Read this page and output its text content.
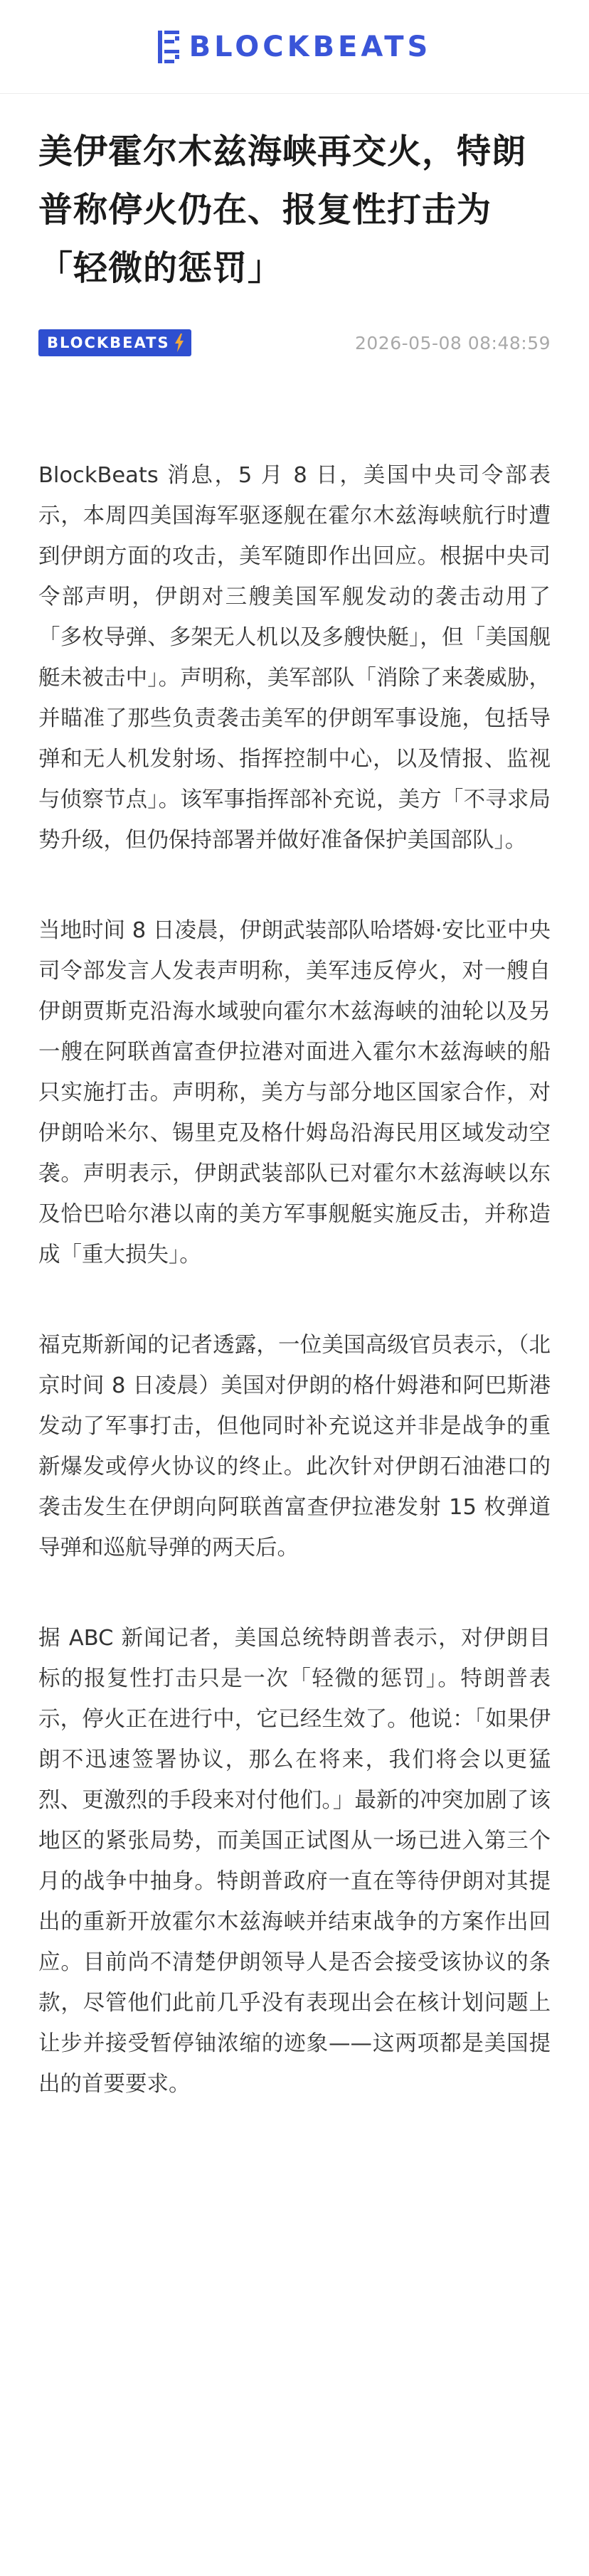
BLOCKBEATS
美伊霍尔木兹海峡再交火，特朗普称停火仍在、报复性打击为「轻微的惩罚」
BLOCKBEATS	2026-05-08 08:48:59

BlockBeats 消息，5 月 8 日，美国中央司令部表示，本周四美国海军驱逐舰在霍尔木兹海峡航行时遭到伊朗方面的攻击，美军随即作出回应。根据中央司令部声明，伊朗对三艘美国军舰发动的袭击动用了「多枚导弹、多架无人机以及多艘快艇」，但「美国舰艇未被击中」。声明称，美军部队「消除了来袭威胁，并瞄准了那些负责袭击美军的伊朗军事设施，包括导弹和无人机发射场、指挥控制中心，以及情报、监视与侦察节点」。该军事指挥部补充说，美方「不寻求局势升级，但仍保持部署并做好准备保护美国部队」。

当地时间 8 日凌晨，伊朗武装部队哈塔姆·安比亚中央司令部发言人发表声明称，美军违反停火，对一艘自伊朗贾斯克沿海水域驶向霍尔木兹海峡的油轮以及另一艘在阿联酋富查伊拉港对面进入霍尔木兹海峡的船只实施打击。声明称，美方与部分地区国家合作，对伊朗哈米尔、锡里克及格什姆岛沿海民用区域发动空袭。声明表示，伊朗武装部队已对霍尔木兹海峡以东及恰巴哈尔港以南的美方军事舰艇实施反击，并称造成「重大损失」。

福克斯新闻的记者透露，一位美国高级官员表示，（北京时间 8 日凌晨）美国对伊朗的格什姆港和阿巴斯港发动了军事打击，但他同时补充说这并非是战争的重新爆发或停火协议的终止。此次针对伊朗石油港口的袭击发生在伊朗向阿联酋富查伊拉港发射 15 枚弹道导弹和巡航导弹的两天后。

据 ABC 新闻记者，美国总统特朗普表示，对伊朗目标的报复性打击只是一次「轻微的惩罚」。特朗普表示，停火正在进行中，它已经生效了。他说：「如果伊朗不迅速签署协议，那么在将来，我们将会以更猛烈、更激烈的手段来对付他们。」最新的冲突加剧了该地区的紧张局势，而美国正试图从一场已进入第三个月的战争中抽身。特朗普政府一直在等待伊朗对其提出的重新开放霍尔木兹海峡并结束战争的方案作出回应。目前尚不清楚伊朗领导人是否会接受该协议的条款，尽管他们此前几乎没有表现出会在核计划问题上让步并接受暂停铀浓缩的迹象——这两项都是美国提出的首要要求。
